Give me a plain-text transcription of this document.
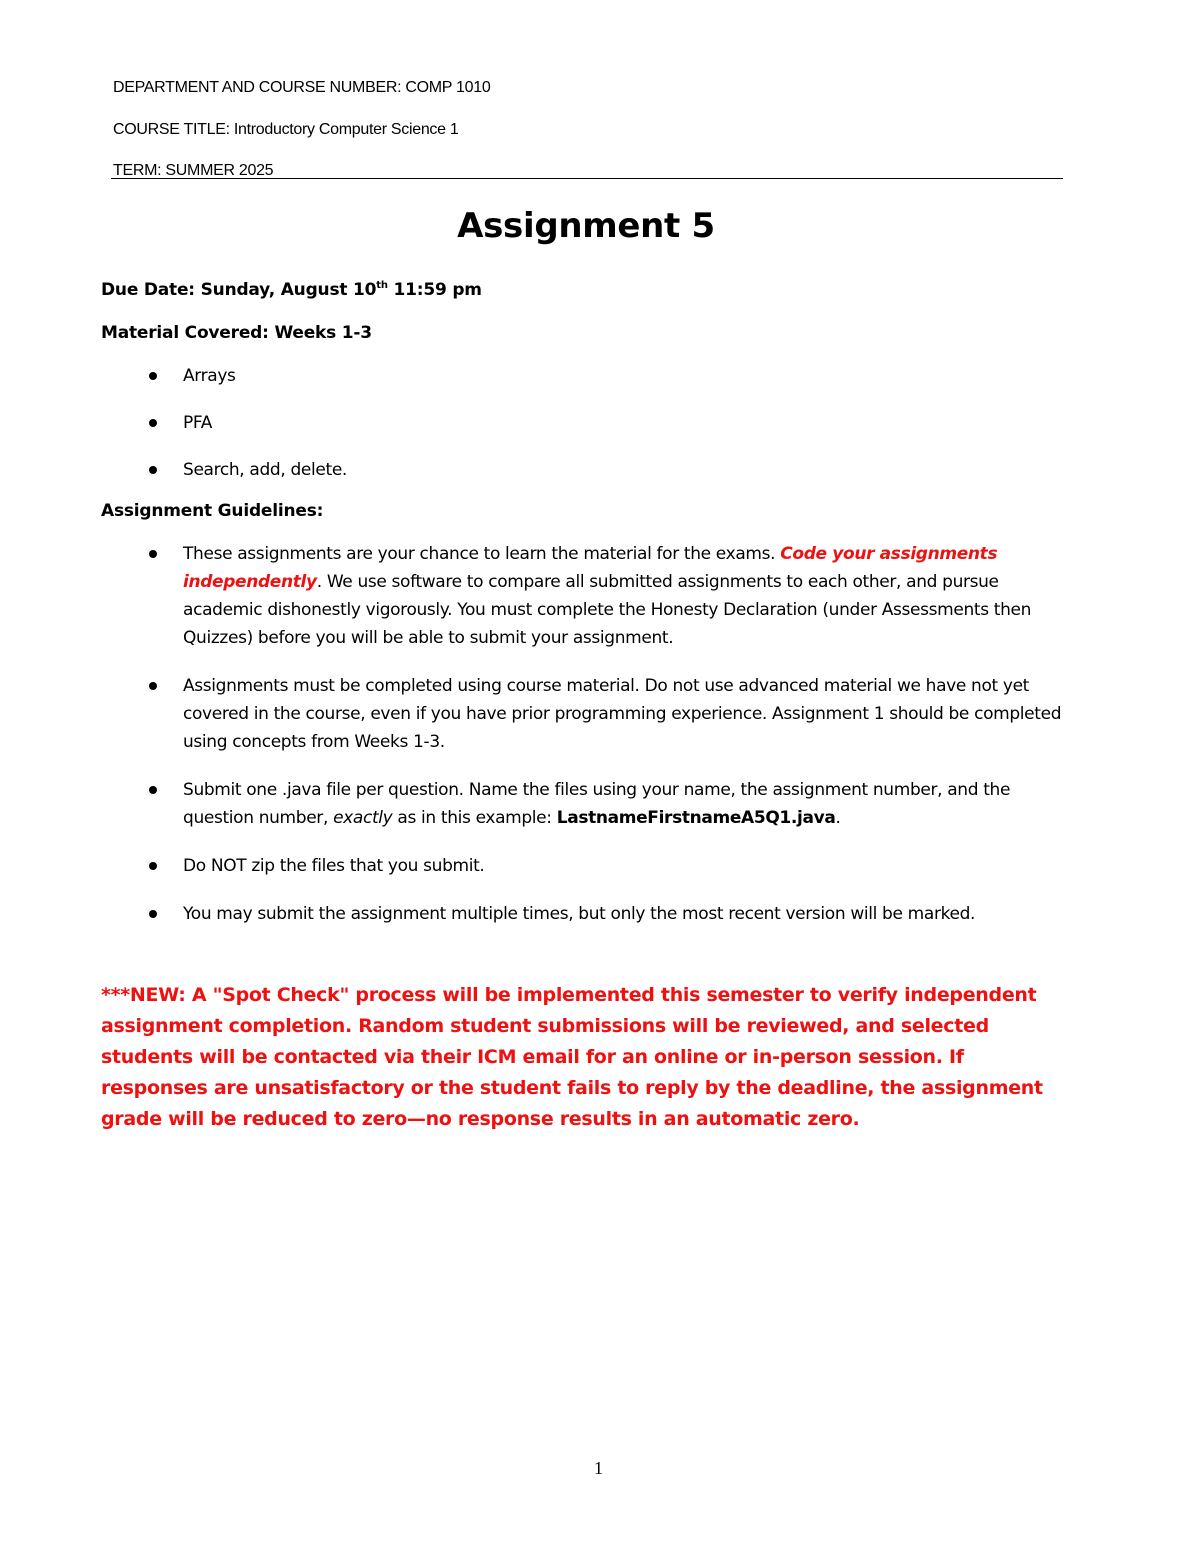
DEPARTMENT AND COURSE NUMBER: COMP 1010
COURSE TITLE: Introductory Computer Science 1
TERM: SUMMER 2025
Assignment 5
Due Date: Sunday, August 10th 11:59 pm
Material Covered: Weeks 1-3
Arrays
PFA
Search, add, delete.
Assignment Guidelines:
These assignments are your chance to learn the material for the exams. Code your assignments independently. We use software to compare all submitted assignments to each other, and pursue academic dishonestly vigorously. You must complete the Honesty Declaration (under Assessments then Quizzes) before you will be able to submit your assignment.
Assignments must be completed using course material. Do not use advanced material we have not yet covered in the course, even if you have prior programming experience. Assignment 1 should be completed using concepts from Weeks 1-3.
Submit one .java file per question. Name the files using your name, the assignment number, and the question number, exactly as in this example: LastnameFirstnameA5Q1.java.
Do NOT zip the files that you submit.
You may submit the assignment multiple times, but only the most recent version will be marked.
***NEW: A "Spot Check" process will be implemented this semester to verify independent assignment completion. Random student submissions will be reviewed, and selected students will be contacted via their ICM email for an online or in-person session. If responses are unsatisfactory or the student fails to reply by the deadline, the assignment grade will be reduced to zero—no response results in an automatic zero.
1
